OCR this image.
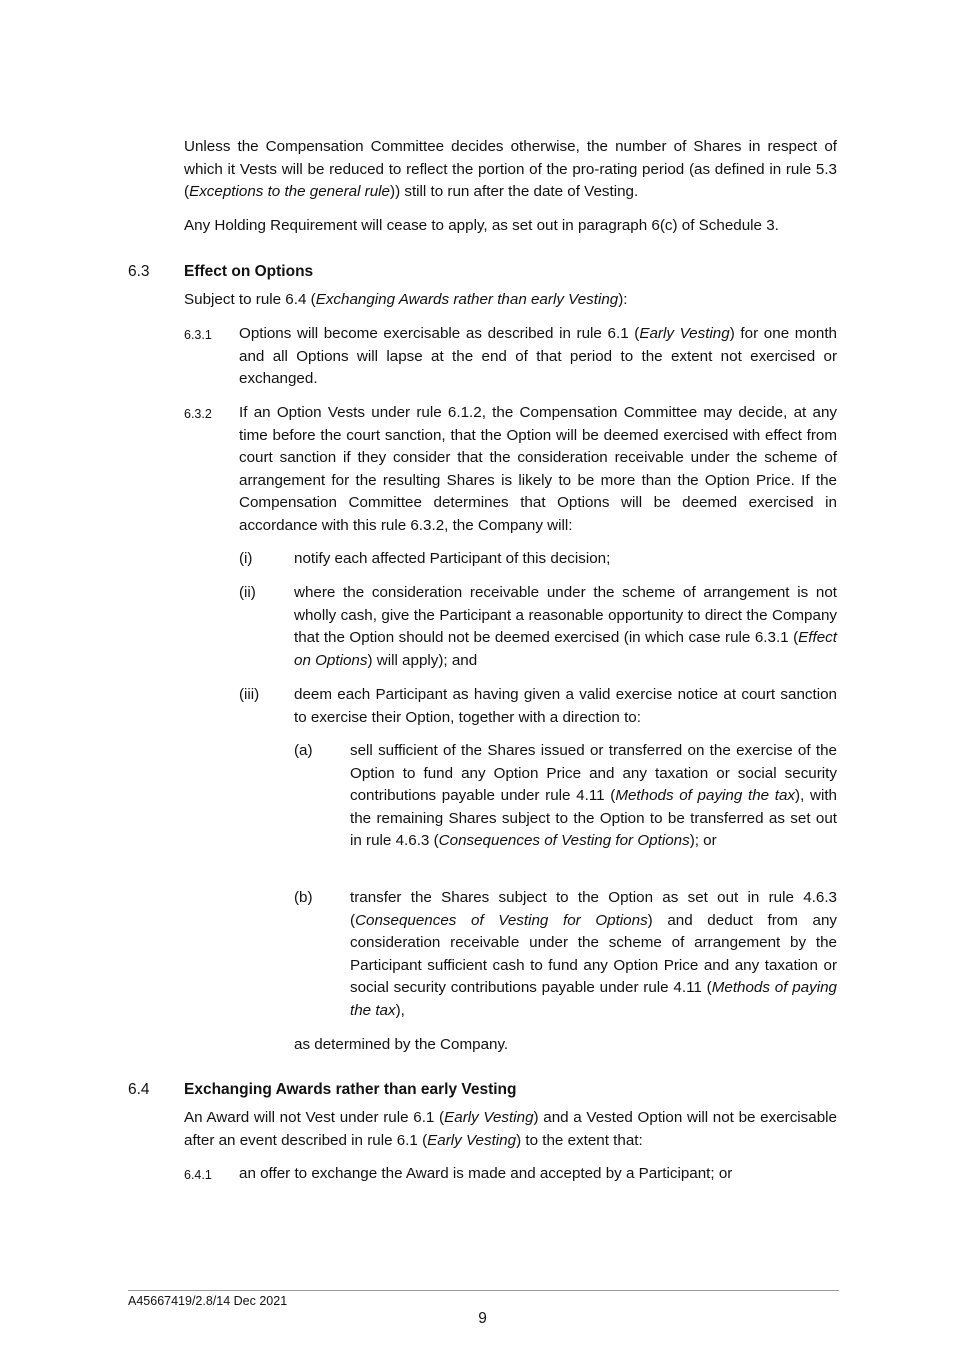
Unless the Compensation Committee decides otherwise, the number of Shares in respect of which it Vests will be reduced to reflect the portion of the pro-rating period (as defined in rule 5.3 (Exceptions to the general rule)) still to run after the date of Vesting.

Any Holding Requirement will cease to apply, as set out in paragraph 6(c) of Schedule 3.

6.3 Effect on Options

Subject to rule 6.4 (Exchanging Awards rather than early Vesting):

6.3.1 Options will become exercisable as described in rule 6.1 (Early Vesting) for one month and all Options will lapse at the end of that period to the extent not exercised or exchanged.

6.3.2 If an Option Vests under rule 6.1.2, the Compensation Committee may decide, at any time before the court sanction, that the Option will be deemed exercised with effect from court sanction if they consider that the consideration receivable under the scheme of arrangement for the resulting Shares is likely to be more than the Option Price. If the Compensation Committee determines that Options will be deemed exercised in accordance with this rule 6.3.2, the Company will:

(i)	notify each affected Participant of this decision;

(ii)	where the consideration receivable under the scheme of arrangement is not wholly cash, give the Participant a reasonable opportunity to direct the Company that the Option should not be deemed exercised (in which case rule 6.3.1 (Effect on Options) will apply); and

(iii) deem each Participant as having given a valid exercise notice at court sanction to exercise their Option, together with a direction to:

(a) sell sufficient of the Shares issued or transferred on the exercise of the Option to fund any Option Price and any taxation or social security contributions payable under rule 4.11 (Methods of paying the tax), with the remaining Shares subject to the Option to be transferred as set out in rule 4.6.3 (Consequences of Vesting for Options); or

(b) transfer the Shares subject to the Option as set out in rule 4.6.3 (Consequences of Vesting for Options) and deduct from any consideration receivable under the scheme of arrangement by the Participant sufficient cash to fund any Option Price and any taxation or social security contributions payable under rule 4.11 (Methods of paying the tax),

as determined by the Company.

6.4 Exchanging Awards rather than early Vesting

An Award will not Vest under rule 6.1 (Early Vesting) and a Vested Option will not be exercisable after an event described in rule 6.1 (Early Vesting) to the extent that:

6.4.1 an offer to exchange the Award is made and accepted by a Participant; or

A45667419/2.8/14 Dec 2021
9
